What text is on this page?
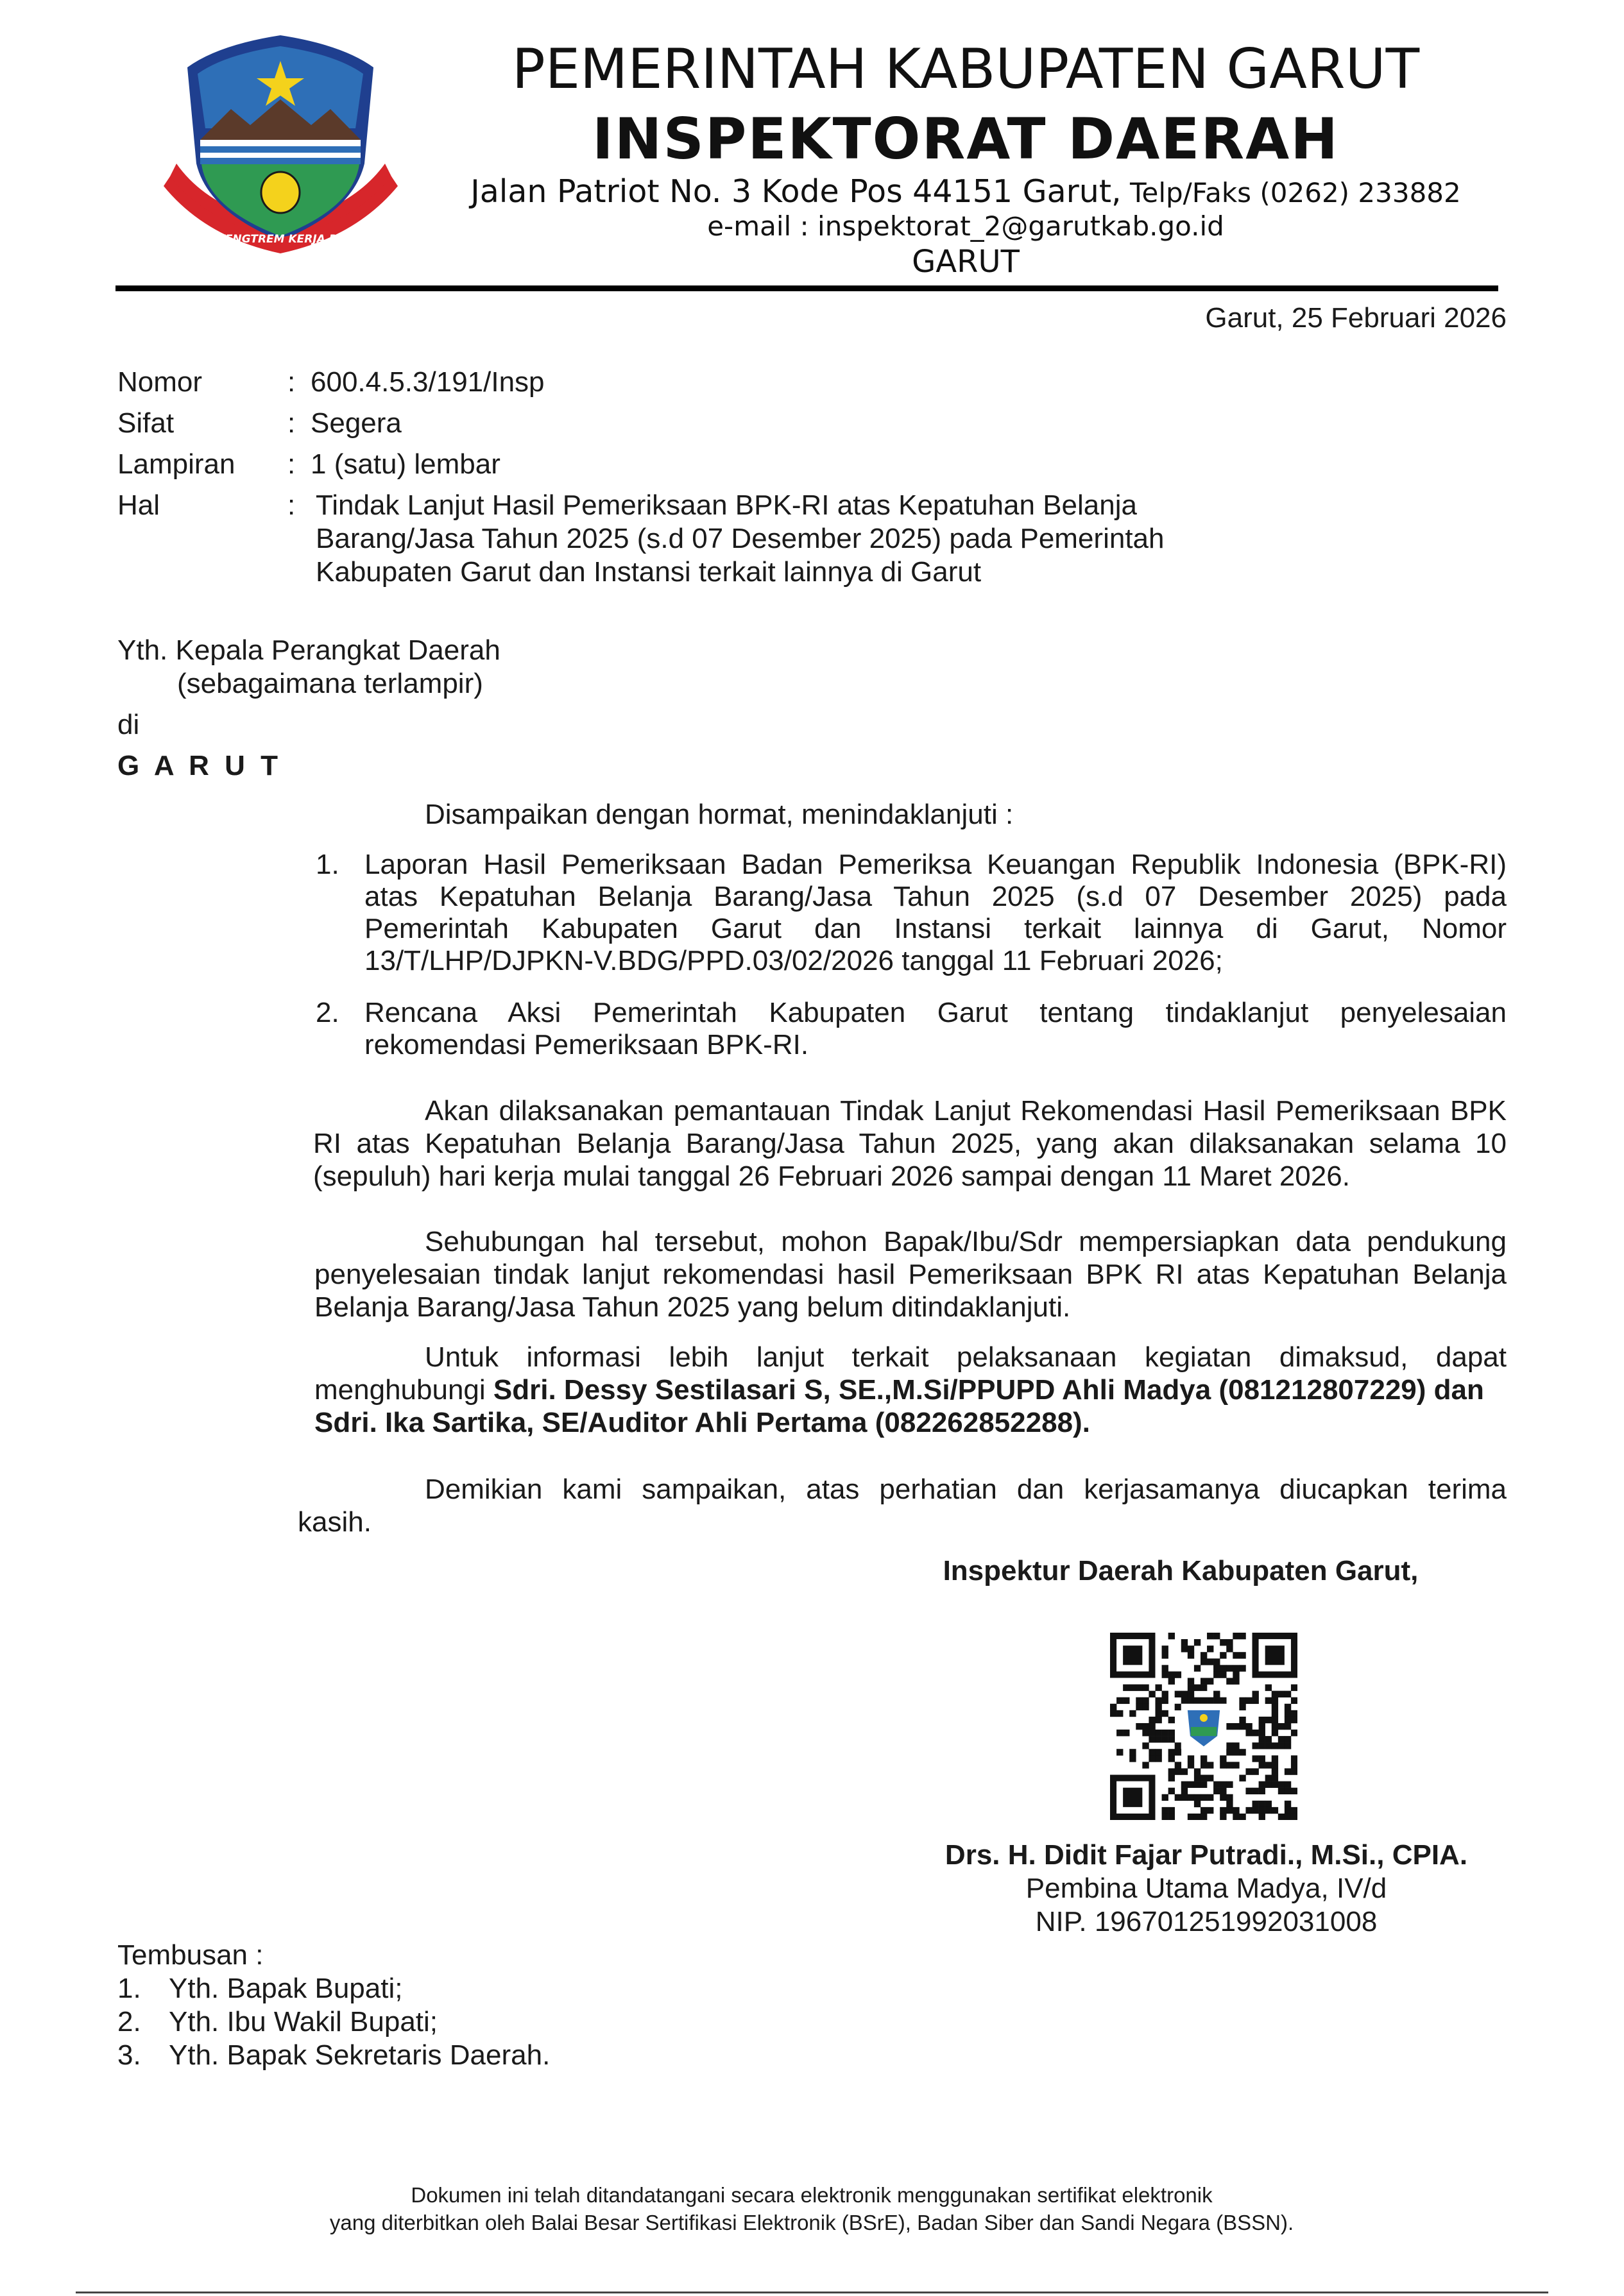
TATA TENGTREM KERJA RAHAJA
PEMERINTAH KABUPATEN GARUT
INSPEKTORAT DAERAH
Jalan Patriot No. 3 Kode Pos 44151 Garut, Telp/Faks (0262) 233882
e-mail : inspektorat_2@garutkab.go.id
GARUT
Garut, 25 Februari 2026
Nomor	: 600.4.5.3/191/Insp
Sifat	: Segera
Lampiran : 1 (satu) lembar
Hal	: Tindak Lanjut Hasil Pemeriksaan BPK-RI atas Kepatuhan Belanja
Barang/Jasa Tahun 2025 (s.d 07 Desember 2025) pada Pemerintah
Kabupaten Garut dan Instansi terkait lainnya di Garut
Yth. Kepala Perangkat Daerah
(sebagaimana terlampir)
di
G A R U T
Disampaikan dengan hormat, menindaklanjuti :
1. Laporan Hasil Pemeriksaan Badan Pemeriksa Keuangan Republik Indonesia (BPK-RI)
atas Kepatuhan Belanja Barang/Jasa Tahun 2025 (s.d 07 Desember 2025) pada
Pemerintah Kabupaten Garut dan Instansi terkait lainnya di Garut, Nomor
13/T/LHP/DJPKN-V.BDG/PPD.03/02/2026 tanggal 11 Februari 2026;
2. Rencana Aksi Pemerintah Kabupaten Garut tentang tindaklanjut penyelesaian
rekomendasi Pemeriksaan BPK-RI.
Akan dilaksanakan pemantauan Tindak Lanjut Rekomendasi Hasil Pemeriksaan BPK
RI atas Kepatuhan Belanja Barang/Jasa Tahun 2025, yang akan dilaksanakan selama 10
(sepuluh) hari kerja mulai tanggal 26 Februari 2026 sampai dengan 11 Maret 2026.
Sehubungan hal tersebut, mohon Bapak/Ibu/Sdr mempersiapkan data pendukung
penyelesaian tindak lanjut rekomendasi hasil Pemeriksaan BPK RI atas Kepatuhan Belanja
Belanja Barang/Jasa Tahun 2025 yang belum ditindaklanjuti.
Untuk informasi lebih lanjut terkait pelaksanaan kegiatan dimaksud, dapat
menghubungi Sdri. Dessy Sestilasari S, SE.,M.Si/PPUPD Ahli Madya (081212807229) dan
Sdri. Ika Sartika, SE/Auditor Ahli Pertama (082262852288).
Demikian kami sampaikan, atas perhatian dan kerjasamanya diucapkan terima
kasih.
Inspektur Daerah Kabupaten Garut,
Drs. H. Didit Fajar Putradi., M.Si., CPIA.
Pembina Utama Madya, IV/d
NIP. 196701251992031008
Tembusan :
1. Yth. Bapak Bupati;
2. Yth. Ibu Wakil Bupati;
3. Yth. Bapak Sekretaris Daerah.
Dokumen ini telah ditandatangani secara elektronik menggunakan sertifikat elektronik
yang diterbitkan oleh Balai Besar Sertifikasi Elektronik (BSrE), Badan Siber dan Sandi Negara (BSSN).
